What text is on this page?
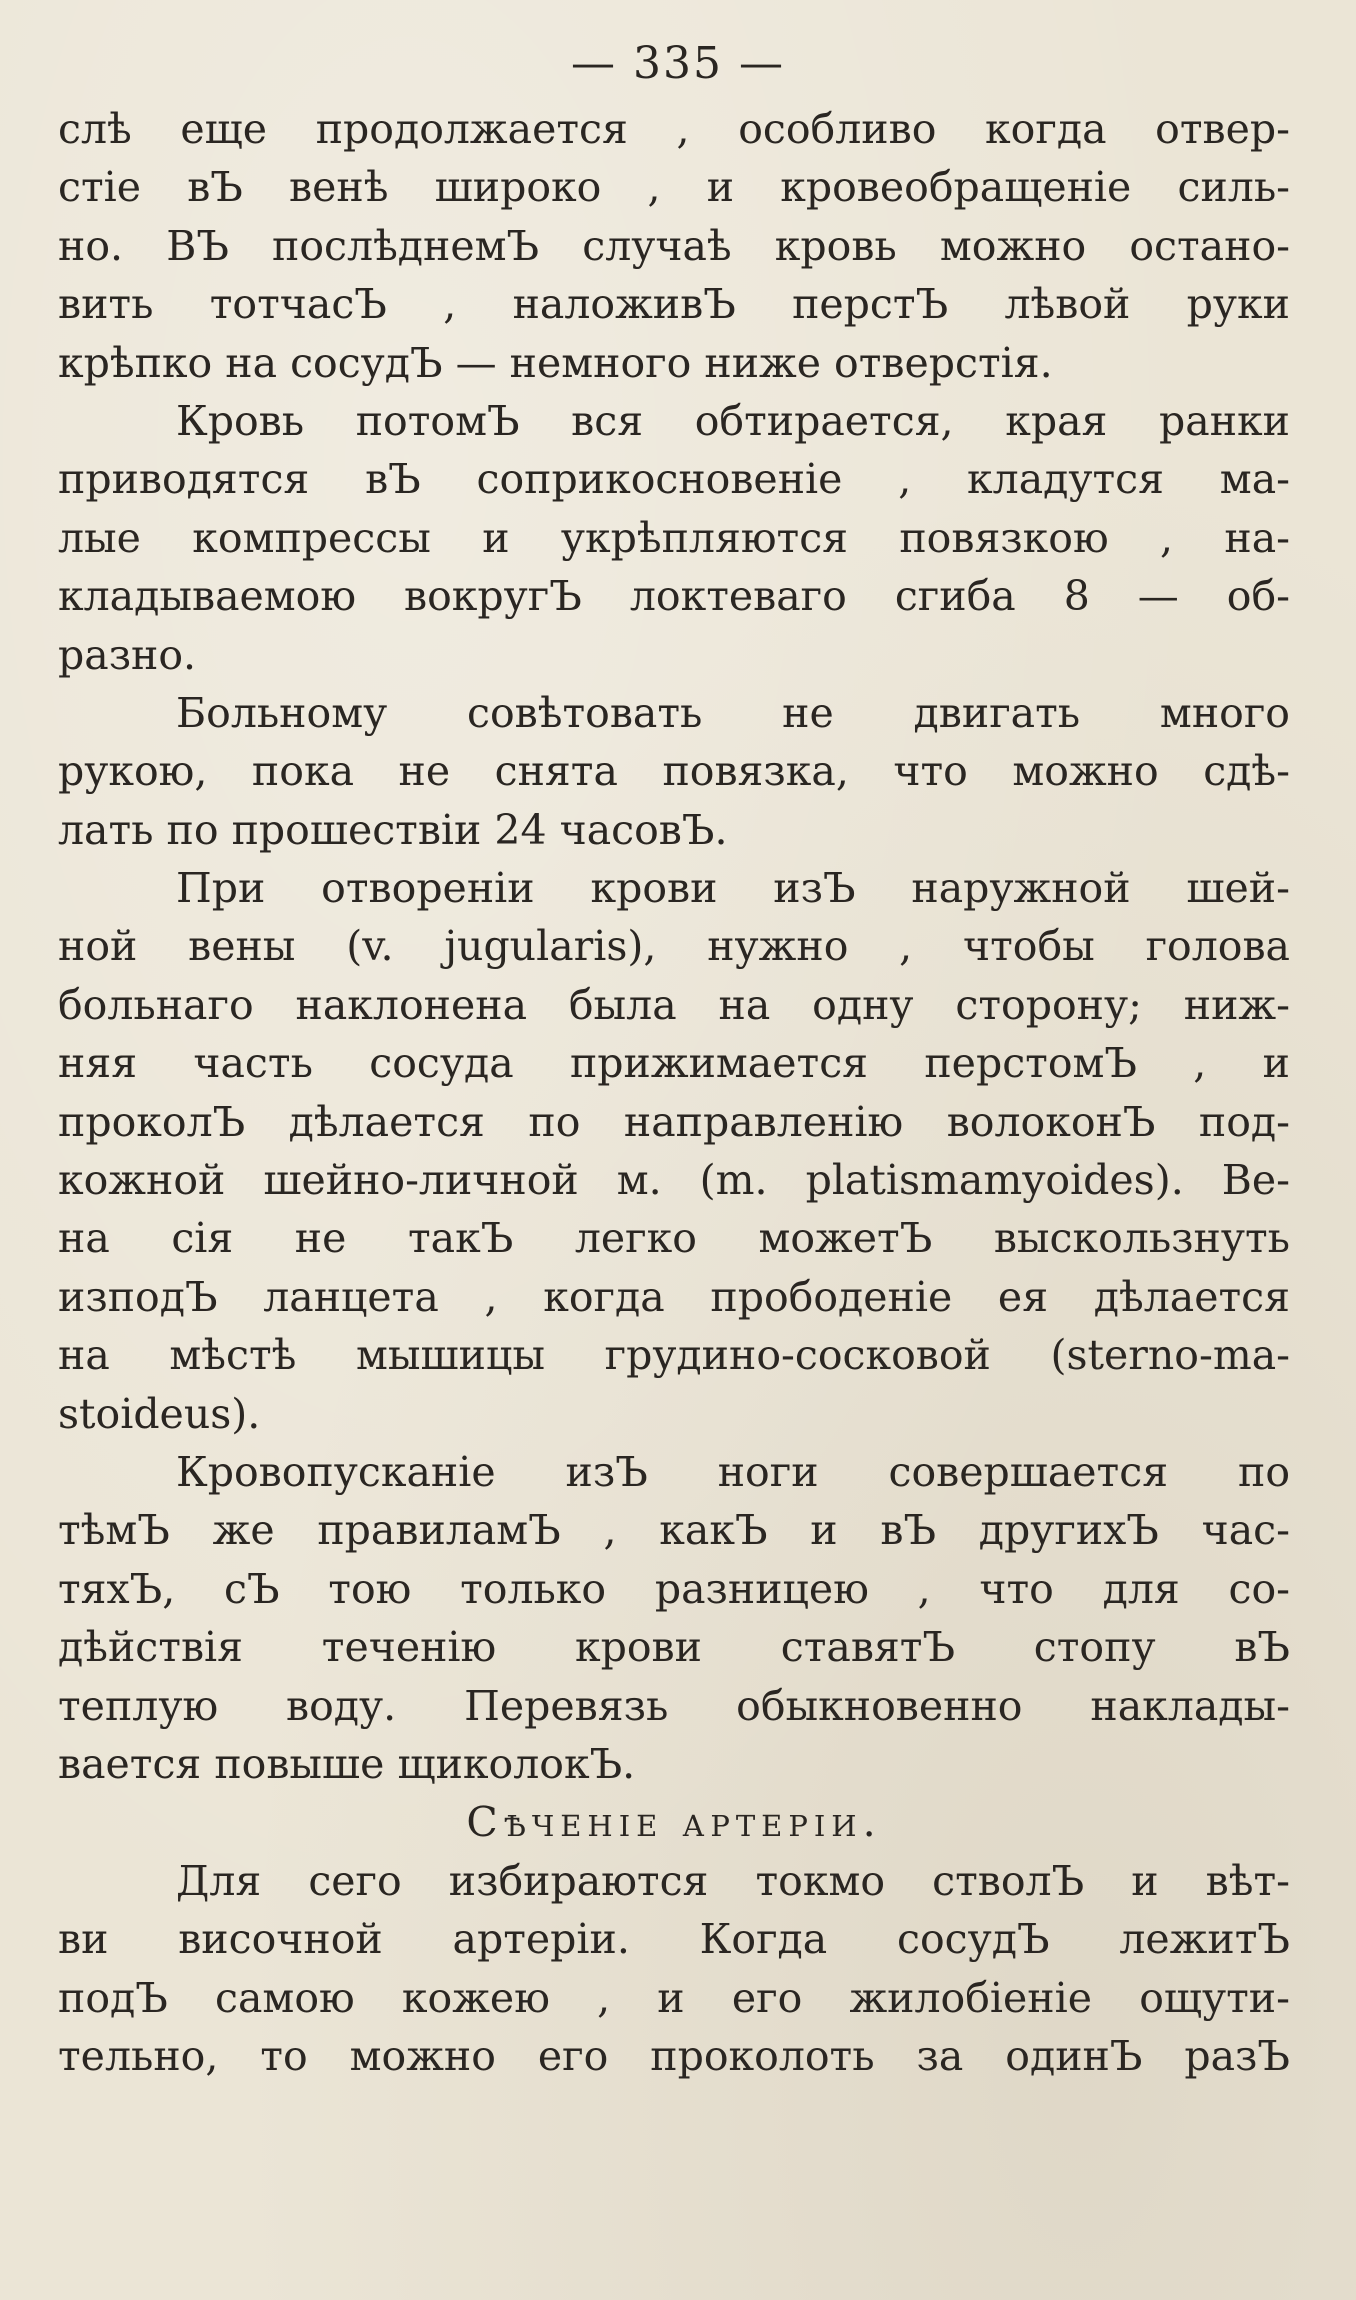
— 335 —
слѣ еще продолжается , особливо когда отвер-
стіе вЪ венѣ широко , и кровеобращеніе силь-
но. ВЪ послѣднемЪ случаѣ кровь можно остано-
вить тотчасЪ , наложивЪ перстЪ лѣвой руки
крѣпко на сосудЪ — немного ниже отверстія.
Кровь потомЪ вся обтирается, края ранки
приводятся вЪ соприкосновеніе , кладутся ма-
лые компрессы и укрѣпляются повязкою , на-
кладываемою вокругЪ локтеваго сгиба 8 — об-
разно.
Больному совѣтовать не двигать много
рукою, пока не снята повязка, что можно сдѣ-
лать по прошествіи 24 часовЪ.
При отвореніи крови изЪ наружной шей-
ной вены (v. jugularis), нужно , чтобы голова
больнаго наклонена была на одну сторону; ниж-
няя часть сосуда прижимается перстомЪ , и
проколЪ дѣлается по направленію волоконЪ под-
кожной шейно-личной м. (m. platismamyoides). Ве-
на сія не такЪ легко можетЪ выскользнуть
изподЪ ланцета , когда прободеніе ея дѣлается
на мѣстѣ мышицы грудино-сосковой (sterno-ma-
stoideus).
Кровопусканіе изЪ ноги совершается по
тѣмЪ же правиламЪ , какЪ и вЪ другихЪ час-
тяхЪ, сЪ тою только разницею , что для со-
дѣйствія теченію крови ставятЪ стопу вЪ
теплую воду. Перевязь обыкновенно наклады-
вается повыше щиколокЪ.
Сѣченіе артеріи.
Для сего избираются токмо стволЪ и вѣт-
ви височной артеріи. Когда сосудЪ лежитЪ
подЪ самою кожею , и его жилобіеніе ощути-
тельно, то можно его проколоть за одинЪ разЪ
